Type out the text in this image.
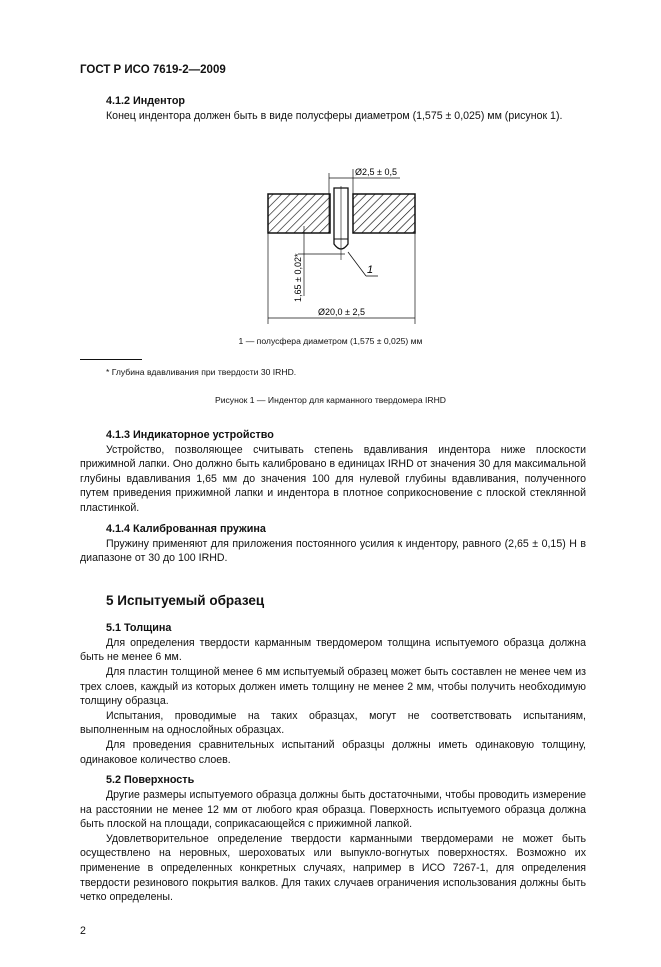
ГОСТ Р ИСО 7619-2—2009
4.1.2 Индентор

Конец индентора должен быть в виде полусферы диаметром (1,575 ± 0,025) мм (рисунок 1).

Ø2,5 ± 0,5
1,65 ± 0,02*	1
Ø20,0 ± 2,5
1 — полусфера диаметром (1,575 ± 0,025) мм
* Глубина вдавливания при твердости 30 IRHD.
Рисунок 1 — Индентор для карманного твердомера IRHD
4.1.3 Индикаторное устройство

Устройство, позволяющее считывать степень вдавливания индентора ниже плоскости прижимной лапки. Оно должно быть калибровано в единицах IRHD от значения 30 для максимальной глубины вдавливания 1,65 мм до значения 100 для нулевой глубины вдавливания, полученного путем приведения прижимной лапки и индентора в плотное соприкосновение с плоской стеклянной пластинкой.

4.1.4 Калиброванная пружина

Пружину применяют для приложения постоянного усилия к индентору, равного (2,65 ± 0,15) Н в диапазоне от 30 до 100 IRHD.

5 Испытуемый образец
5.1 Толщина

Для определения твердости карманным твердомером толщина испытуемого образца должна быть не менее 6 мм.

Для пластин толщиной менее 6 мм испытуемый образец может быть составлен не менее чем из трех слоев, каждый из которых должен иметь толщину не менее 2 мм, чтобы получить необходимую толщину образца.

Испытания, проводимые на таких образцах, могут не соответствовать испытаниям, выполненным на однослойных образцах.

Для проведения сравнительных испытаний образцы должны иметь одинаковую толщину, одинаковое количество слоев.

5.2 Поверхность

Другие размеры испытуемого образца должны быть достаточными, чтобы проводить измерение на расстоянии не менее 12 мм от любого края образца. Поверхность испытуемого образца должна быть плоской на площади, соприкасающейся с прижимной лапкой.

Удовлетворительное определение твердости карманными твердомерами не может быть осуществлено на неровных, шероховатых или выпукло-вогнутых поверхностях. Возможно их применение в определенных конкретных случаях, например в ИСО 7267-1, для определения твердости резинового покрытия валков. Для таких случаев ограничения использования должны быть четко определены.

2
